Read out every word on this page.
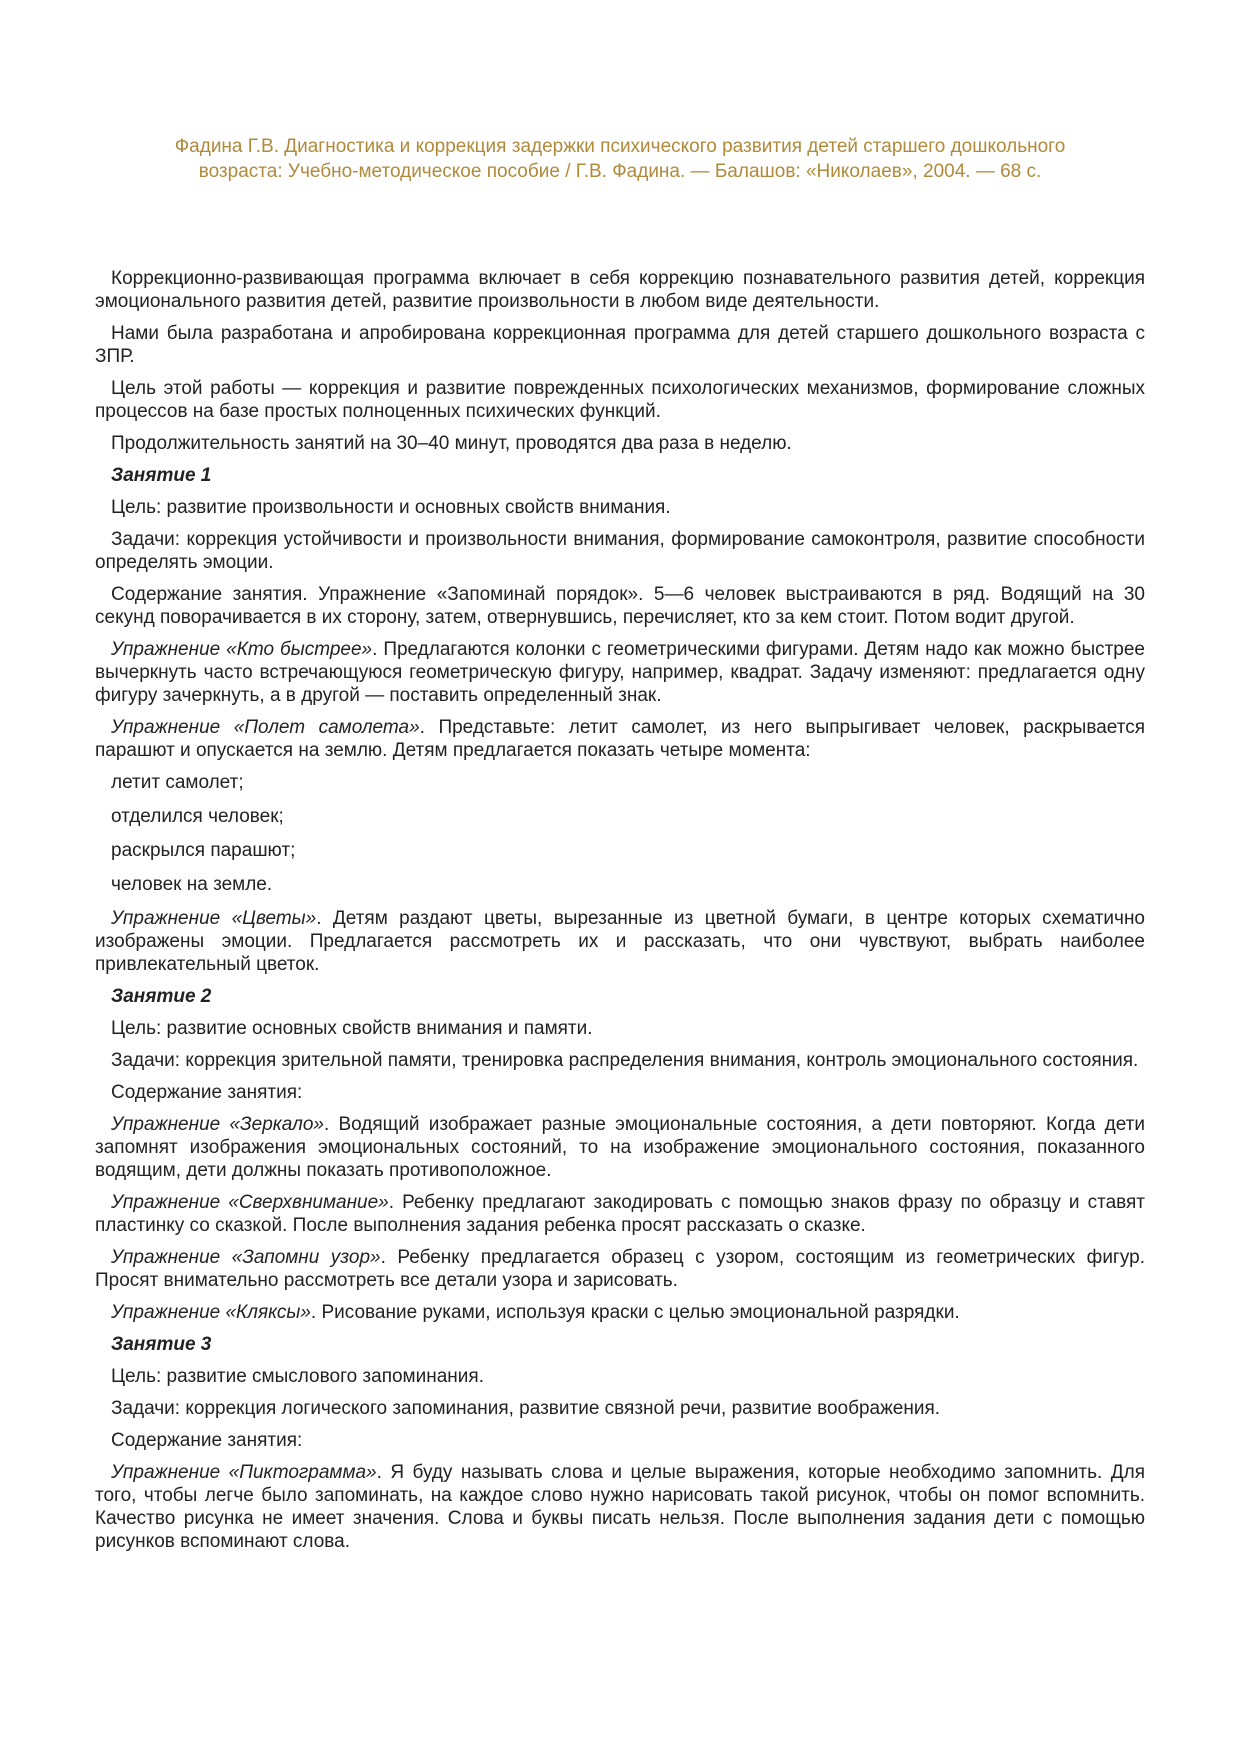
Фадина Г.В. Диагностика и коррекция задержки психического развития детей старшего дошкольного
возраста: Учебно-методическое пособие / Г.В. Фадина. — Балашов: «Николаев», 2004. — 68 с.

Коррекционно-развивающая программа включает в себя коррекцию познавательного развития детей, коррекция эмоционального развития детей, развитие произвольности в любом виде деятельности.

Нами была разработана и апробирована коррекционная программа для детей старшего дошкольного возраста с ЗПР.

Цель этой работы — коррекция и развитие поврежденных психологических механизмов, формирование сложных процессов на базе простых полноценных психических функций.

Продолжительность занятий на 30–40 минут, проводятся два раза в неделю.

Занятие 1

Цель: развитие произвольности и основных свойств внимания.

Задачи: коррекция устойчивости и произвольности внимания, формирование самоконтроля, развитие способности определять эмоции.

Содержание занятия. Упражнение «Запоминай порядок». 5—6 человек выстраиваются в ряд. Водящий на 30 секунд поворачивается в их сторону, затем, отвернувшись, перечисляет, кто за кем стоит. Потом водит другой.

Упражнение «Кто быстрее». Предлагаются колонки с геометрическими фигурами. Детям надо как можно быстрее вычеркнуть часто встречающуюся геометрическую фигуру, например, квадрат. Задачу изменяют: предлагается одну фигуру зачеркнуть, а в другой — поставить определенный знак.

Упражнение «Полет самолета». Представьте: летит самолет, из него выпрыгивает человек, раскрывается парашют и опускается на землю. Детям предлагается показать четыре момента:

летит самолет;

отделился человек;

раскрылся парашют;

человек на земле.

Упражнение «Цветы». Детям раздают цветы, вырезанные из цветной бумаги, в центре которых схематично изображены эмоции. Предлагается рассмотреть их и рассказать, что они чувствуют, выбрать наиболее привлекательный цветок.

Занятие 2

Цель: развитие основных свойств внимания и памяти.

Задачи: коррекция зрительной памяти, тренировка распределения внимания, контроль эмоционального состояния.

Содержание занятия:

Упражнение «Зеркало». Водящий изображает разные эмоциональные состояния, а дети повторяют. Когда дети запомнят изображения эмоциональных состояний, то на изображение эмоционального состояния, показанного водящим, дети должны показать противоположное.

Упражнение «Сверхвнимание». Ребенку предлагают закодировать с помощью знаков фразу по образцу и ставят пластинку со сказкой. После выполнения задания ребенка просят рассказать о сказке.

Упражнение «Запомни узор». Ребенку предлагается образец с узором, состоящим из геометрических фигур. Просят внимательно рассмотреть все детали узора и зарисовать.

Упражнение «Кляксы». Рисование руками, используя краски с целью эмоциональной разрядки.

Занятие 3

Цель: развитие смыслового запоминания.

Задачи: коррекция логического запоминания, развитие связной речи, развитие воображения.

Содержание занятия:

Упражнение «Пиктограмма». Я буду называть слова и целые выражения, которые необходимо запомнить. Для того, чтобы легче было запоминать, на каждое слово нужно нарисовать такой рисунок, чтобы он помог вспомнить. Качество рисунка не имеет значения. Слова и буквы писать нельзя. После выполнения задания дети с помощью рисунков вспоминают слова.
